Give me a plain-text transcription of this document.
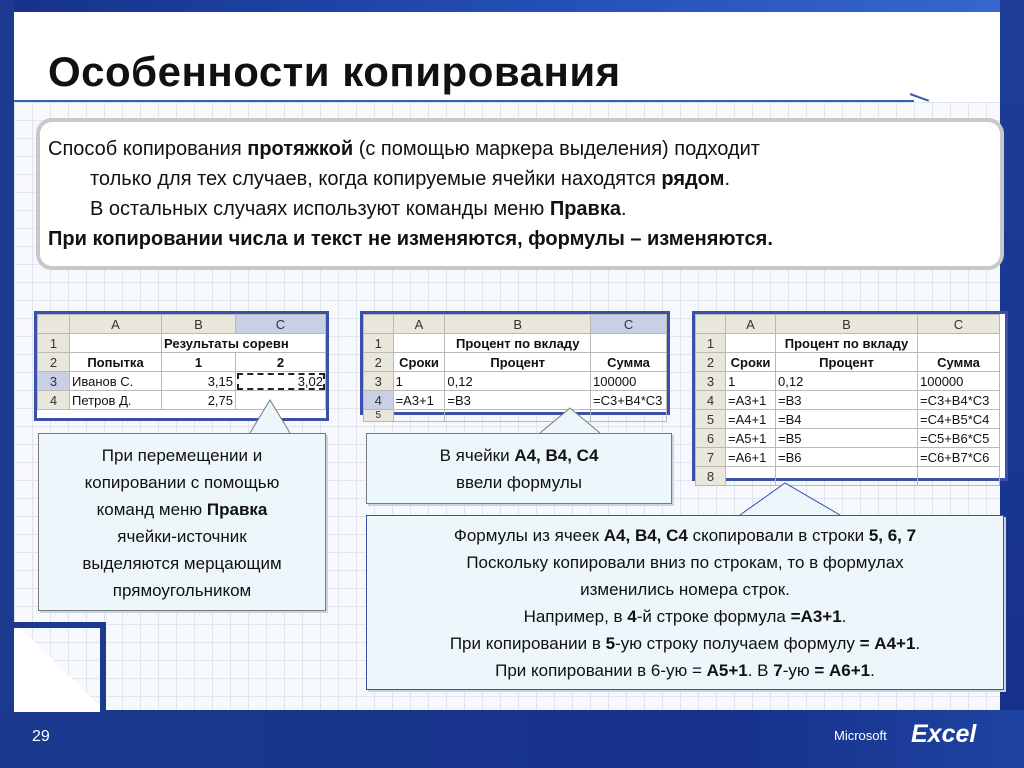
Особенности копирования
Способ копирования протяжкой (с помощью маркера выделения) подходит
только для тех случаев, когда копируемые ячейки находятся рядом.
В остальных случаях используют команды меню Правка.
При копировании числа и текст не изменяются, формулы – изменяются.
	A	B	C
1		Результаты соревн	
2	Попытка	1	2
3	Иванов С.	3,15	3,02
4	Петров Д.	2,75	
	A	B	C
1		Процент по вкладу	
2	Сроки	Процент	Сумма
3	1	0,12	100000
4	=A3+1	=B3	=C3+B4*C3
5			
	A	B	C
1		Процент по вкладу	
2	Сроки	Процент	Сумма
3	1	0,12	100000
4	=A3+1	=B3	=C3+B4*C3
5	=A4+1	=B4	=C4+B5*C4
6	=A5+1	=B5	=C5+B6*C5
7	=A6+1	=B6	=C6+B7*C6
8			
При перемещении и
копировании с помощью
команд меню Правка
ячейки-источник
выделяются мерцающим
прямоугольником
В ячейки A4, B4, C4
ввели формулы
Формулы из ячеек A4, B4, C4 скопировали в строки 5, 6, 7
Поскольку копировали вниз по строкам, то в формулах
изменились номера строк.
Например, в 4-й строке формула =A3+1.
При копировании в 5-ую строку получаем формулу = A4+1.
При копировании в 6-ую = A5+1. В 7-ую = A6+1.
29	Microsoft Excel
